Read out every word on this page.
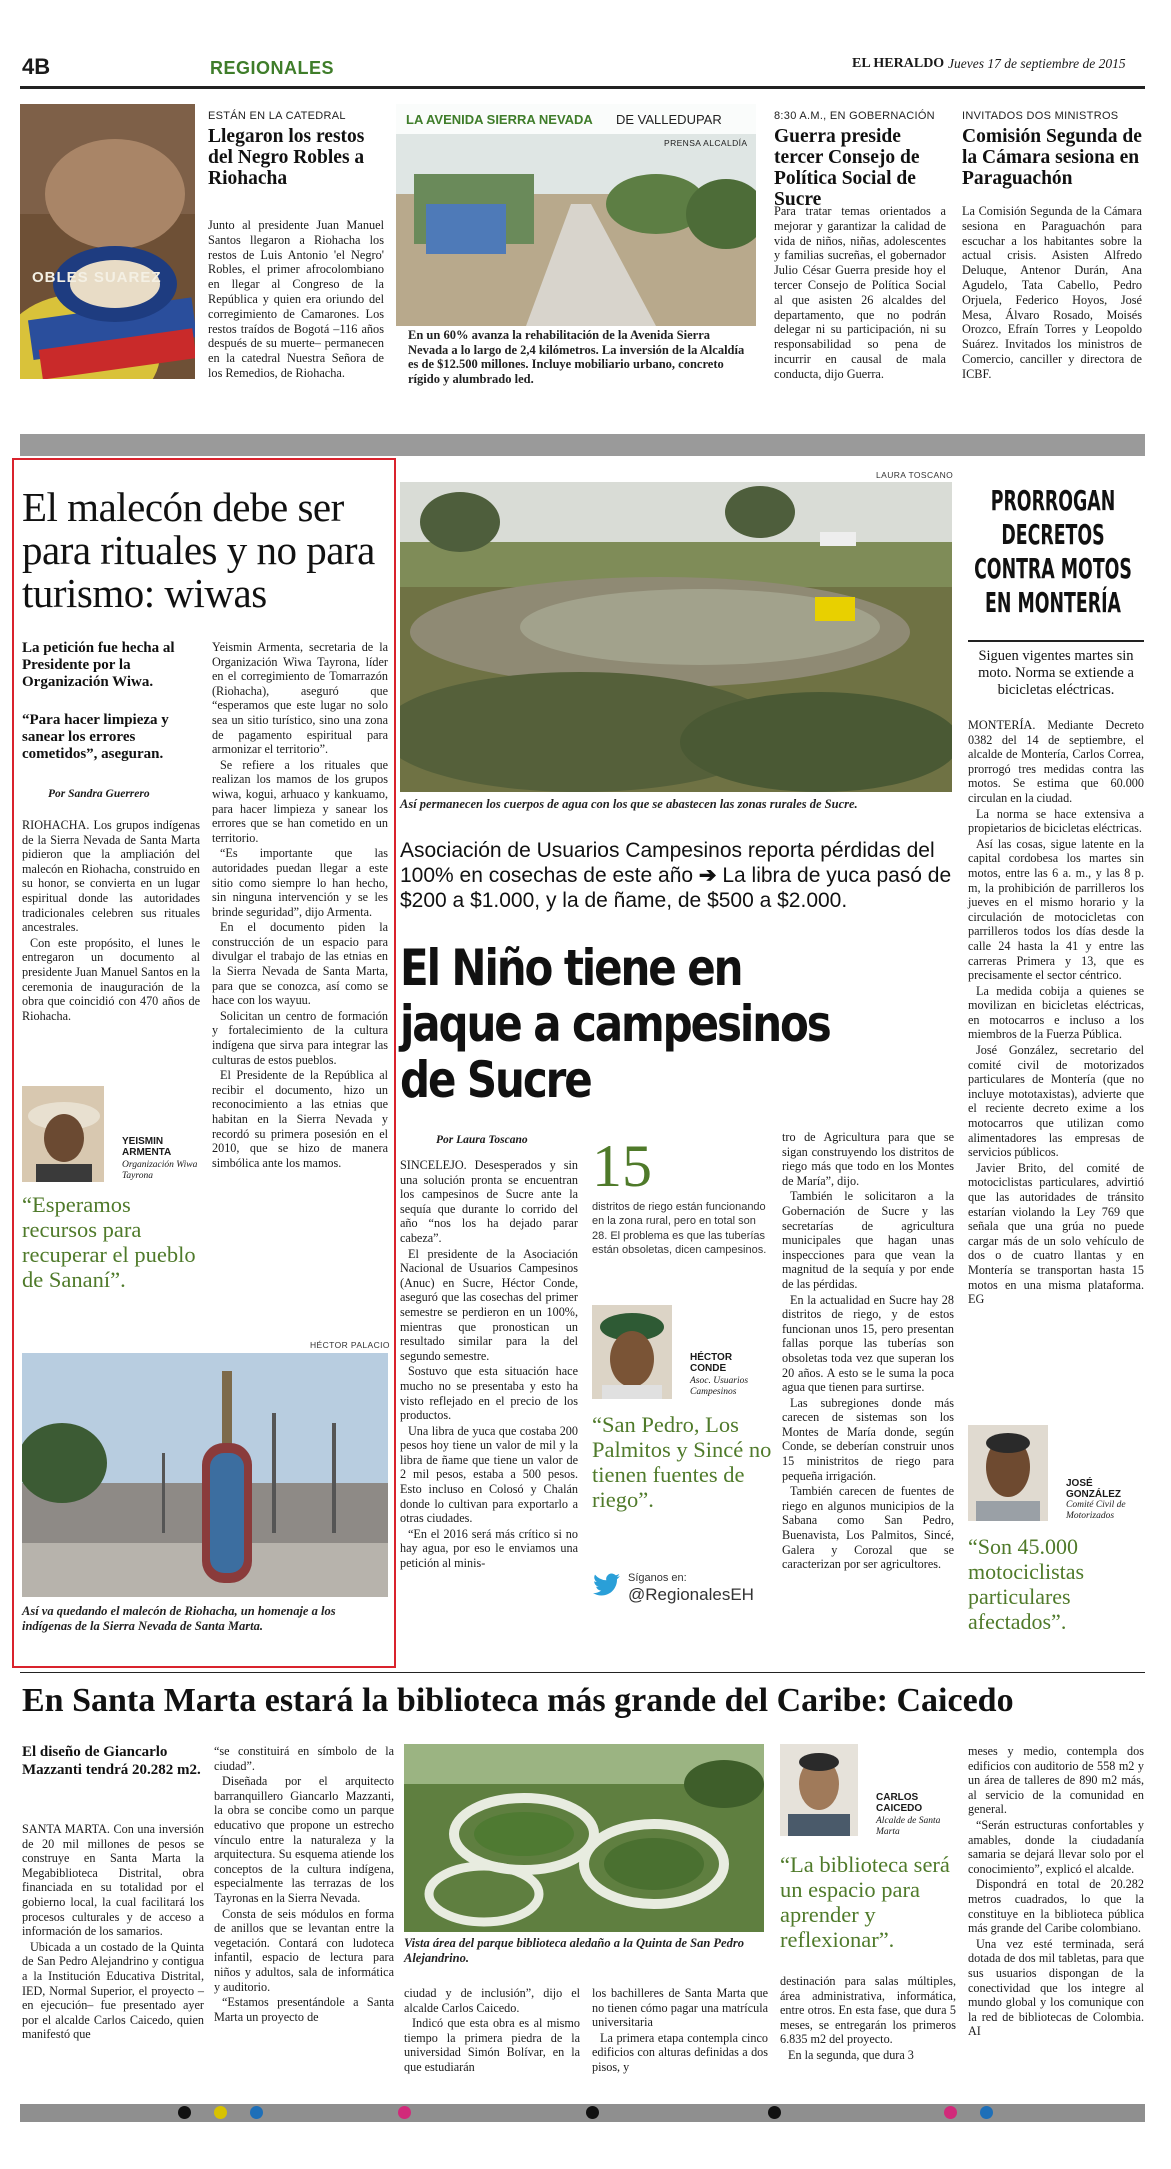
4B	REGIONALES	EL HERALDO Jueves 17 de septiembre de 2015
OBLES SUAREZ
ESTÁN EN LA CATEDRAL
Llegaron los restos del Negro Robles a Riohacha

Junto al presidente Juan Manuel Santos llegaron a Riohacha los restos de Luis Antonio 'el Negro' Robles, el primer afrocolombiano en llegar al Congreso de la República y quien era oriundo del corregimiento de Camarones. Los restos traídos de Bogotá –116 años después de su muerte– permanecen en la catedral Nuestra Señora de los Remedios, de Riohacha.

LA AVENIDA SIERRA NEVADA DE VALLEDUPAR
PRENSA ALCALDÍA
En un 60% avanza la rehabilitación de la Avenida Sierra Nevada a lo largo de 2,4 kilómetros. La inversión de la Alcaldía es de $12.500 millones. Incluye mobiliario urbano, concreto rígido y alumbrado led.
8:30 A.M., EN GOBERNACIÓN
Guerra preside tercer Consejo de Política Social de Sucre

Para tratar temas orientados a mejorar y garantizar la calidad de vida de niños, niñas, adolescentes y familias sucreñas, el gobernador Julio César Guerra preside hoy el tercer Consejo de Política Social al que asisten 26 alcaldes del departamento, que no podrán delegar ni su participación, ni su responsabilidad so pena de incurrir en causal de mala conducta, dijo Guerra.

INVITADOS DOS MINISTROS
Comisión Segunda de la Cámara sesiona en Paraguachón

La Comisión Segunda de la Cámara sesiona en Paraguachón para escuchar a los habitantes sobre la actual crisis. Asisten Alfredo Deluque, Antenor Durán, Ana Agudelo, Tata Cabello, Pedro Orjuela, Federico Hoyos, José Mesa, Álvaro Rosado, Moisés Orozco, Efraín Torres y Leopoldo Suárez. Invitados los ministros de Comercio, canciller y directora de ICBF.

El malecón debe ser para rituales y no para turismo: wiwas
La petición fue hecha al Presidente por la Organización Wiwa.
“Para hacer limpieza y sanear los errores cometidos”, aseguran.
Por Sandra Guerrero

RIOHACHA. Los grupos indígenas de la Sierra Nevada de Santa Marta pidieron que la ampliación del malecón en Riohacha, construido en su honor, se convierta en un lugar espiritual donde las autoridades tradicionales celebren sus rituales ancestrales.

Con este propósito, el lunes le entregaron un documento al presidente Juan Manuel Santos en la ceremonia de inauguración de la obra que coincidió con 470 años de Riohacha.

Yeismin Armenta, secretaria de la Organización Wiwa Tayrona, líder en el corregimiento de Tomarrazón (Riohacha), aseguró que “esperamos que este lugar no solo sea un sitio turístico, sino una zona de pagamento espiritual para armonizar el territorio”.

Se refiere a los rituales que realizan los mamos de los grupos wiwa, kogui, arhuaco y kankuamo, para hacer limpieza y sanear los errores que se han cometido en un territorio.

“Es importante que las autoridades puedan llegar a este sitio como siempre lo han hecho, sin ninguna intervención y se les brinde seguridad”, dijo Armenta.

En el documento piden la construcción de un espacio para divulgar el trabajo de las etnias en la Sierra Nevada de Santa Marta, para que se conozca, así como se hace con los wayuu.

Solicitan un centro de formación y fortalecimiento de la cultura indígena que sirva para integrar las culturas de estos pueblos.

El Presidente de la República al recibir el documento, hizo un reconocimiento a las etnias que habitan en la Sierra Nevada y recordó su primera posesión en el 2010, que se hizo de manera simbólica ante los mamos.

YEISMIN ARMENTA
Organización Wiwa Tayrona
“Esperamos recursos para recuperar el pueblo de Sananí”.
HÉCTOR PALACIO
Así va quedando el malecón de Riohacha, un homenaje a los indígenas de la Sierra Nevada de Santa Marta.
LAURA TOSCANO
Así permanecen los cuerpos de agua con los que se abastecen las zonas rurales de Sucre.
Asociación de Usuarios Campesinos reporta pérdidas del 100% en cosechas de este año ➔ La libra de yuca pasó de $200 a $1.000, y la de ñame, de $500 a $2.000.
El Niño tiene en jaque a campesinos de Sucre
Por Laura Toscano 15
distritos de riego están funcionando en la zona rural, pero en total son 28. El problema es que las tuberías están obsoletas, dicen campesinos.

SINCELEJO. Desesperados y sin una solución pronta se encuentran los campesinos de Sucre ante la sequía que durante lo corrido del año “nos los ha dejado parar cabeza”.

El presidente de la Asociación Nacional de Usuarios Campesinos (Anuc) en Sucre, Héctor Conde, aseguró que las cosechas del primer semestre se perdieron en un 100%, mientras que pronostican un resultado similar para la del segundo semestre.

Sostuvo que esta situación hace mucho no se presentaba y esto ha visto reflejado en el precio de los productos.

Una libra de yuca que costaba 200 pesos hoy tiene un valor de mil y la libra de ñame que tiene un valor de 2 mil pesos, estaba a 500 pesos. Esto incluso en Colosó y Chalán donde lo cultivan para exportarlo a otras ciudades.

“En el 2016 será más crítico si no hay agua, por eso le enviamos una petición al minis-

HÉCTOR CONDE
Asoc. Usuarios Campesinos
“San Pedro, Los Palmitos y Sincé no tienen fuentes de riego”.
Síganos en:
@RegionalesEH

tro de Agricultura para que se sigan construyendo los distritos de riego más que todo en los Montes de María”, dijo.

También le solicitaron a la Gobernación de Sucre y las secretarías de agricultura municipales que hagan unas inspecciones para que vean la magnitud de la sequía y por ende de las pérdidas.

En la actualidad en Sucre hay 28 distritos de riego, y de estos funcionan unos 15, pero presentan fallas porque las tuberías son obsoletas toda vez que superan los 20 años. A esto se le suma la poca agua que tienen para surtirse.

Las subregiones donde más carecen de sistemas son los Montes de María donde, según Conde, se deberían construir unos 15 ministritos de riego para pequeña irrigación.

También carecen de fuentes de riego en algunos municipios de la Sabana como San Pedro, Buenavista, Los Palmitos, Sincé, Galera y Corozal que se caracterizan por ser agricultores.

PRORROGAN DECRETOS CONTRA MOTOS EN MONTERÍA
Siguen vigentes martes sin moto. Norma se extiende a bicicletas eléctricas.

MONTERÍA. Mediante Decreto 0382 del 14 de septiembre, el alcalde de Montería, Carlos Correa, prorrogó tres medidas contra las motos. Se estima que 60.000 circulan en la ciudad.

La norma se hace extensiva a propietarios de bicicletas eléctricas.

Así las cosas, sigue latente en la capital cordobesa los martes sin motos, entre las 6 a. m., y las 8 p. m, la prohibición de parrilleros los jueves en el mismo horario y la circulación de motocicletas con parrilleros todos los días desde la calle 24 hasta la 41 y entre las carreras Primera y 13, que es precisamente el sector céntrico.

La medida cobija a quienes se movilizan en bicicletas eléctricas, en motocarros e incluso a los miembros de la Fuerza Pública.

José González, secretario del comité civil de motorizados particulares de Montería (que no incluye mototaxistas), advierte que el reciente decreto exime a los motocarros que utilizan como alimentadores las empresas de servicios públicos.

Javier Brito, del comité de motociclistas particulares, advirtió que las autoridades de tránsito estarían violando la Ley 769 que señala que una grúa no puede cargar más de un solo vehículo de dos o de cuatro llantas y en Montería se transportan hasta 15 motos en una misma plataforma. EG

JOSÉ GONZÁLEZ
Comité Civil de Motorizados
“Son 45.000 motociclistas particulares afectados”.
En Santa Marta estará la biblioteca más grande del Caribe: Caicedo
El diseño de Giancarlo Mazzanti tendrá 20.282 m2.

SANTA MARTA. Con una inversión de 20 mil millones de pesos se construye en Santa Marta la Megabiblioteca Distrital, obra financiada en su totalidad por el gobierno local, la cual facilitará los procesos culturales y de acceso a información de los samarios.

Ubicada a un costado de la Quinta de San Pedro Alejandrino y contigua a la Institución Educativa Distrital, IED, Normal Superior, el proyecto –en ejecución– fue presentado ayer por el alcalde Carlos Caicedo, quien manifestó que

“se constituirá en símbolo de la ciudad”.

Diseñada por el arquitecto barranquillero Giancarlo Mazzanti, la obra se concibe como un parque educativo que propone un estrecho vínculo entre la naturaleza y la arquitectura. Su esquema atiende los conceptos de la cultura indígena, especialmente las terrazas de los Tayronas en la Sierra Nevada.

Consta de seis módulos en forma de anillos que se levantan entre la vegetación. Contará con ludoteca infantil, espacio de lectura para niños y adultos, sala de informática y auditorio.

“Estamos presentándole a Santa Marta un proyecto de

Vista área del parque biblioteca aledaño a la Quinta de San Pedro Alejandrino.

ciudad y de inclusión”, dijo el alcalde Carlos Caicedo.

Indicó que esta obra es al mismo tiempo la primera piedra de la universidad Simón Bolívar, en la que estudiarán

los bachilleres de Santa Marta que no tienen cómo pagar una matrícula universitaria

La primera etapa contempla cinco edificios con alturas definidas a dos pisos, y

CARLOS CAICEDO
Alcalde de Santa Marta
“La biblioteca será un espacio para aprender y reflexionar”.

destinación para salas múltiples, área administrativa, informática, entre otros. En esta fase, que dura 5 meses, se entregarán los primeros 6.835 m2 del proyecto.

En la segunda, que dura 3

meses y medio, contempla dos edificios con auditorio de 558 m2 y un área de talleres de 890 m2 más, al servicio de la comunidad en general.

“Serán estructuras confortables y amables, donde la ciudadanía samaria se dejará llevar solo por el conocimiento”, explicó el alcalde.

Dispondrá en total de 20.282 metros cuadrados, lo que la constituye en la biblioteca pública más grande del Caribe colombiano.

Una vez esté terminada, será dotada de dos mil tabletas, para que sus usuarios dispongan de la conectividad que los integre al mundo global y los comunique con la red de bibliotecas de Colombia. AI
